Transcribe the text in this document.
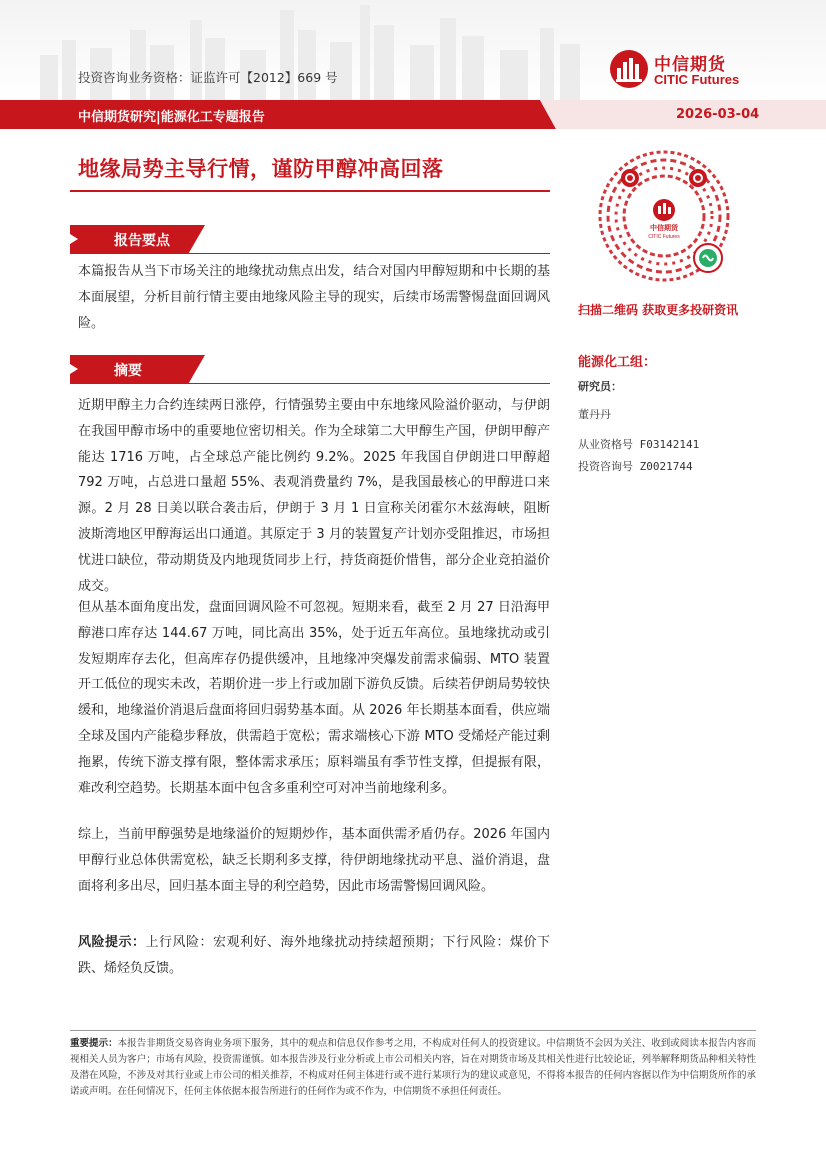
投资咨询业务资格：证监许可【2012】669 号
中信期货
CITIC Futures
中信期货研究|能源化工专题报告	2026-03-04
地缘局势主导行情，谨防甲醇冲高回落
中信期货
CITIC Futures
扫描二维码 获取更多投研资讯
报告要点

本篇报告从当下市场关注的地缘扰动焦点出发，结合对国内甲醇短期和中长期的基本面展望，分析目前行情主要由地缘风险主导的现实，后续市场需警惕盘面回调风险。

摘要

近期甲醇主力合约连续两日涨停，行情强势主要由中东地缘风险溢价驱动，与伊朗在我国甲醇市场中的重要地位密切相关。作为全球第二大甲醇生产国，伊朗甲醇产能达 1716 万吨，占全球总产能比例约 9.2%。2025 年我国自伊朗进口甲醇超 792 万吨，占总进口量超 55%、表观消费量约 7%，是我国最核心的甲醇进口来源。2 月 28 日美以联合袭击后，伊朗于 3 月 1 日宣称关闭霍尔木兹海峡，阻断波斯湾地区甲醇海运出口通道。其原定于 3 月的装置复产计划亦受阻推迟，市场担忧进口缺位，带动期货及内地现货同步上行，持货商挺价惜售，部分企业竞拍溢价成交。

但从基本面角度出发，盘面回调风险不可忽视。短期来看，截至 2 月 27 日沿海甲醇港口库存达 144.67 万吨，同比高出 35%，处于近五年高位。虽地缘扰动或引发短期库存去化，但高库存仍提供缓冲，且地缘冲突爆发前需求偏弱、MTO 装置开工低位的现实未改，若期价进一步上行或加剧下游负反馈。后续若伊朗局势较快缓和，地缘溢价消退后盘面将回归弱势基本面。从 2026 年长期基本面看，供应端全球及国内产能稳步释放，供需趋于宽松；需求端核心下游 MTO 受烯烃产能过剩拖累，传统下游支撑有限，整体需求承压；原料端虽有季节性支撑，但提振有限，难改利空趋势。长期基本面中包含多重利空可对冲当前地缘利多。

综上，当前甲醇强势是地缘溢价的短期炒作，基本面供需矛盾仍存。2026 年国内甲醇行业总体供需宽松，缺乏长期利多支撑，待伊朗地缘扰动平息、溢价消退，盘面将利多出尽，回归基本面主导的利空趋势，因此市场需警惕回调风险。

风险提示：上行风险：宏观利好、海外地缘扰动持续超预期；下行风险：煤价下跌、烯烃负反馈。

能源化工组：
研究员：
董丹丹
从业资格号 F03142141
投资咨询号 Z0021744

重要提示：本报告非期货交易咨询业务项下服务，其中的观点和信息仅作参考之用，不构成对任何人的投资建议。中信期货不会因为关注、收到或阅读本报告内容而视相关人员为客户；市场有风险，投资需谨慎。如本报告涉及行业分析或上市公司相关内容，旨在对期货市场及其相关性进行比较论证，列举解释期货品种相关特性及潜在风险，不涉及对其行业或上市公司的相关推荐，不构成对任何主体进行或不进行某项行为的建议或意见，不得将本报告的任何内容据以作为中信期货所作的承诺或声明。在任何情况下，任何主体依据本报告所进行的任何作为或不作为，中信期货不承担任何责任。
